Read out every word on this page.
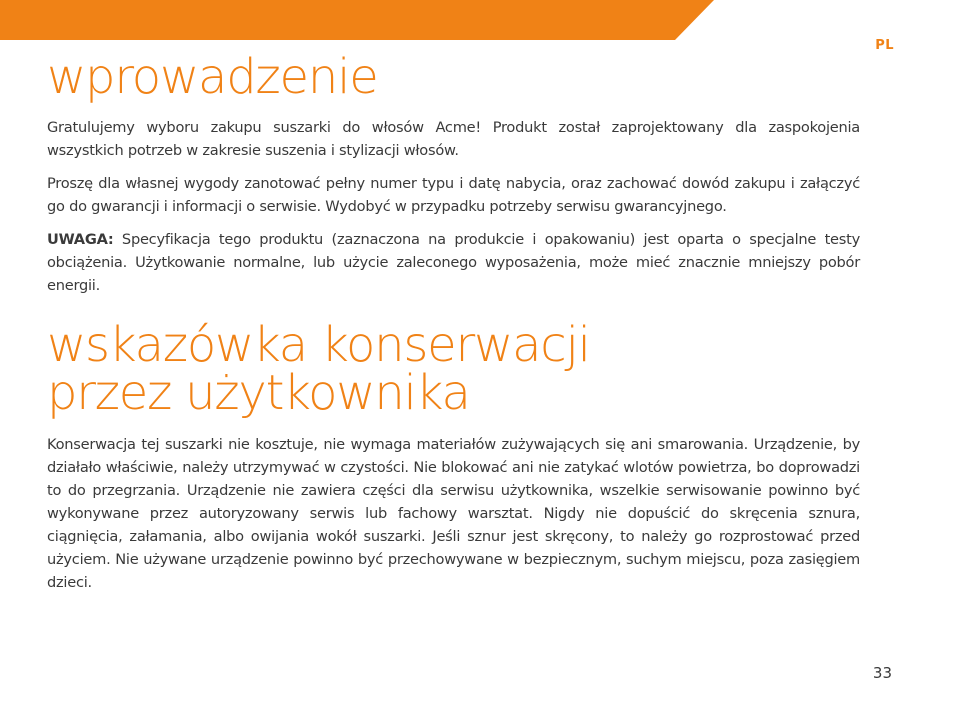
PL
wprowadzenie

Gratulujemy wyboru zakupu suszarki do włosów Acme! Produkt został zaprojektowany dla zaspokojenia wszystkich potrzeb w zakresie suszenia i stylizacji włosów.

Proszę dla własnej wygody zanotować pełny numer typu i datę nabycia, oraz zachować dowód zakupu i załączyć go do gwarancji i informacji o serwisie. Wydobyć w przypadku potrzeby serwisu gwarancyjnego.

UWAGA: Specyfikacja tego produktu (zaznaczona na produkcie i opakowaniu) jest oparta o specjalne testy obciążenia. Użytkowanie normalne, lub użycie zaleconego wyposażenia, może mieć znacznie mniejszy pobór energii.

wskazówka konserwacji
przez użytkownika

Konserwacja tej suszarki nie kosztuje, nie wymaga materiałów zużywających się ani smarowania. Urządzenie, by działało właściwie, należy utrzymywać w czystości. Nie blokować ani nie zatykać wlotów powietrza, bo doprowadzi to do przegrzania. Urządzenie nie zawiera części dla serwisu użytkownika, wszelkie serwisowanie powinno być wykonywane przez autoryzowany serwis lub fachowy warsztat. Nigdy nie dopuścić do skręcenia sznura, ciągnięcia, załamania, albo owijania wokół suszarki. Jeśli sznur jest skręcony, to należy go rozprostować przed użyciem. Nie używane urządzenie powinno być przechowywane w bezpiecznym, suchym miejscu, poza zasięgiem dzieci.

33
